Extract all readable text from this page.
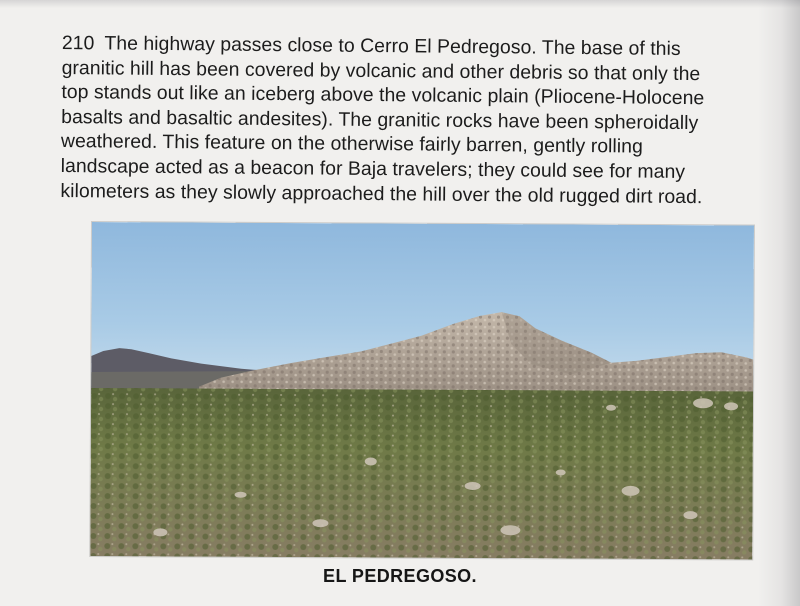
210 The highway passes close to Cerro El Pedregoso. The base of this
granitic hill has been covered by volcanic and other debris so that only the
top stands out like an iceberg above the volcanic plain (Pliocene-Holocene
basalts and basaltic andesites). The granitic rocks have been spheroidally
weathered. This feature on the otherwise fairly barren, gently rolling
landscape acted as a beacon for Baja travelers; they could see for many
kilometers as they slowly approached the hill over the old rugged dirt road.

EL PEDREGOSO.
